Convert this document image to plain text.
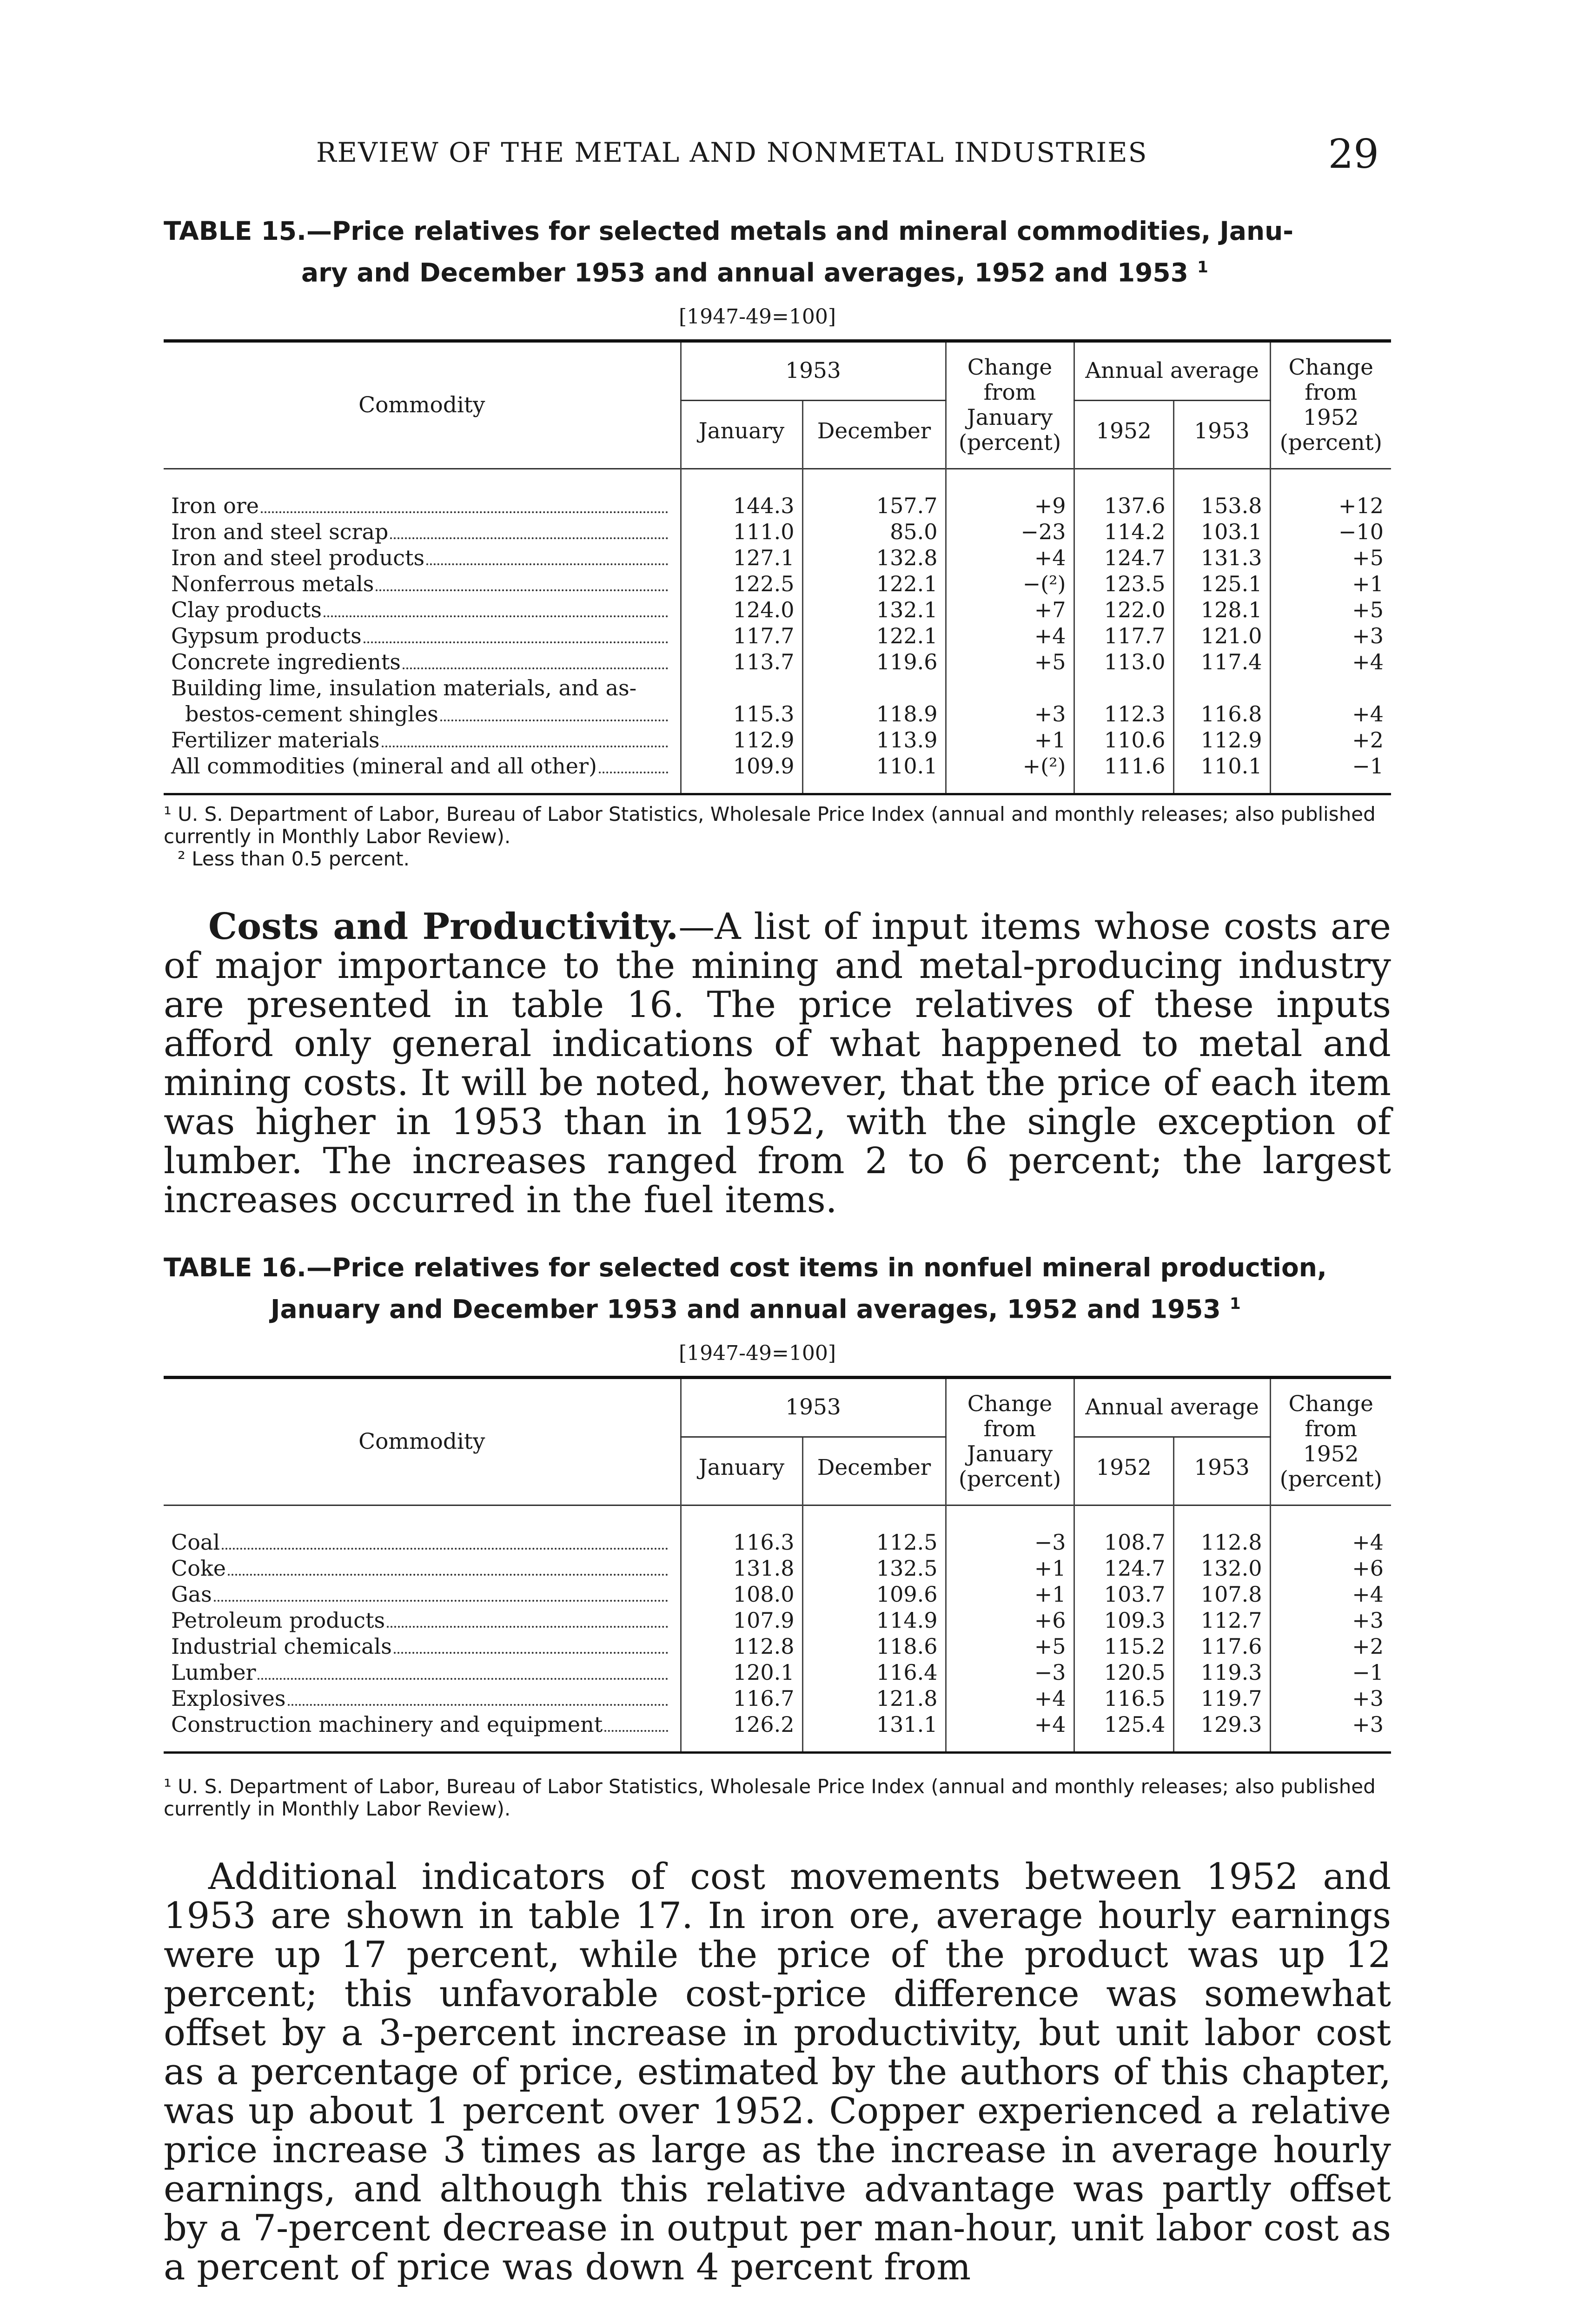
REVIEW OF THE METAL AND NONMETAL INDUSTRIES	29
TABLE 15.—Price relatives for selected metals and mineral commodities, Janu-
ary and December 1953 and annual averages, 1952 and 1953 $^1$
[1947-49=100]
Commodity	1953		Change from January (percent)	Annual average		Change from 1952 (percent)
	January	December		1952	1953	

Iron ore	144.3	157.7	+9	137.6	153.8	+12

Iron and steel scrap	111.0	85.0	−23	114.2	103.1	−10

Iron and steel products	127.1	132.8	+4	124.7	131.3	+5

Nonferrous metals	122.5	122.1	−(²)	123.5	125.1	+1

Clay products	124.0	132.1	+7	122.0	128.1	+5

Gypsum products	117.7	122.1	+4	117.7	121.0	+3

Concrete ingredients	113.7	119.6	+5	113.0	117.4	+4

Building lime, insulation materials, and as-
bestos-cement shingles	115.3	118.9	+3	112.3	116.8	+4

Fertilizer materials	112.9	113.9	+1	110.6	112.9	+2

All commodities (mineral and all other)	109.9	110.1	+(²)	111.6	110.1	−1

¹ U. S. Department of Labor, Bureau of Labor Statistics, Wholesale Price Index (annual and monthly releases; also published currently in Monthly Labor Review).

² Less than 0.5 percent.

Costs and Productivity.—A list of input items whose costs are of major importance to the mining and metal-producing industry are presented in table 16. The price relatives of these inputs afford only general indications of what happened to metal and mining costs. It will be noted, however, that the price of each item was higher in 1953 than in 1952, with the single exception of lumber. The increases ranged from 2 to 6 percent; the largest increases occurred in the fuel items.

TABLE 16.—Price relatives for selected cost items in nonfuel mineral production,
January and December 1953 and annual averages, 1952 and 1953 $^1$
[1947-49=100]
Commodity	1953		Change from January (percent)	Annual average		Change from 1952 (percent)
	January	December		1952	1953	

Coal	116.3	112.5	−3	108.7	112.8	+4

Coke	131.8	132.5	+1	124.7	132.0	+6

Gas	108.0	109.6	+1	103.7	107.8	+4

Petroleum products	107.9	114.9	+6	109.3	112.7	+3

Industrial chemicals	112.8	118.6	+5	115.2	117.6	+2

Lumber	120.1	116.4	−3	120.5	119.3	−1

Explosives	116.7	121.8	+4	116.5	119.7	+3

Construction machinery and equipment	126.2	131.1	+4	125.4	129.3	+3

¹ U. S. Department of Labor, Bureau of Labor Statistics, Wholesale Price Index (annual and monthly releases; also published currently in Monthly Labor Review).

Additional indicators of cost movements between 1952 and 1953 are shown in table 17. In iron ore, average hourly earnings were up 17 percent, while the price of the product was up 12 percent; this unfavorable cost-price difference was somewhat offset by a 3-percent increase in productivity, but unit labor cost as a percentage of price, estimated by the authors of this chapter, was up about 1 percent over 1952. Copper experienced a relative price increase 3 times as large as the increase in average hourly earnings, and although this relative advantage was partly offset by a 7-percent decrease in output per man-hour, unit labor cost as a percent of price was down 4 percent from
